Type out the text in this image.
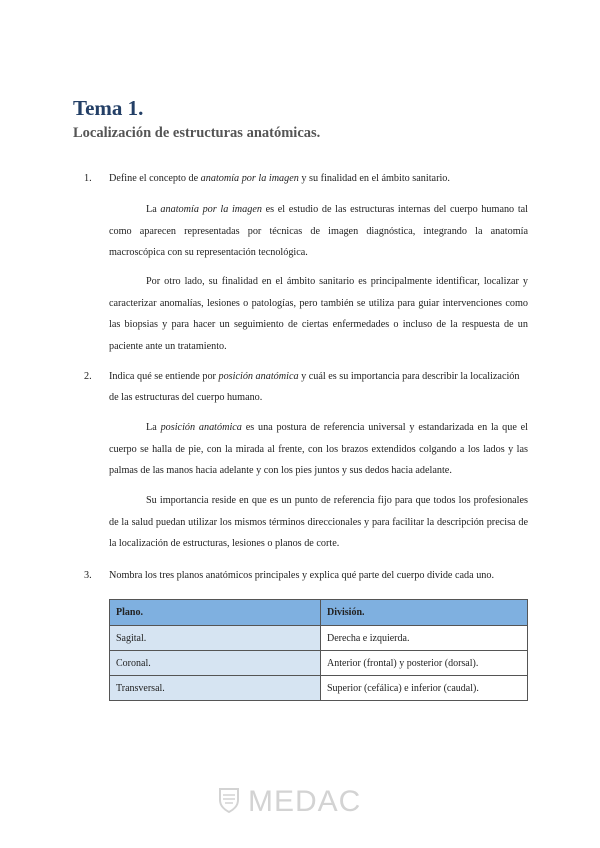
Tema 1.
Localización de estructuras anatómicas.
1. Define el concepto de anatomía por la imagen y su finalidad en el ámbito sanitario.

La anatomía por la imagen es el estudio de las estructuras internas del cuerpo humano tal como aparecen representadas por técnicas de imagen diagnóstica, integrando la anatomía macroscópica con su representación tecnológica.

Por otro lado, su finalidad en el ámbito sanitario es principalmente identificar, localizar y caracterizar anomalías, lesiones o patologías, pero también se utiliza para guiar intervenciones como las biopsias y para hacer un seguimiento de ciertas enfermedades o incluso de la respuesta de un paciente ante un tratamiento.

2. Indica qué se entiende por posición anatómica y cuál es su importancia para describir la localización de las estructuras del cuerpo humano.

La posición anatómica es una postura de referencia universal y estandarizada en la que el cuerpo se halla de pie, con la mirada al frente, con los brazos extendidos colgando a los lados y las palmas de las manos hacia adelante y con los pies juntos y sus dedos hacia adelante.

Su importancia reside en que es un punto de referencia fijo para que todos los profesionales de la salud puedan utilizar los mismos términos direccionales y para facilitar la descripción precisa de la localización de estructuras, lesiones o planos de corte.

3. Nombra los tres planos anatómicos principales y explica qué parte del cuerpo divide cada uno.
Plano.	División.
Sagital.	Derecha e izquierda.
Coronal.	Anterior (frontal) y posterior (dorsal).
Transversal.	Superior (cefálica) e inferior (caudal).
MEDAC
